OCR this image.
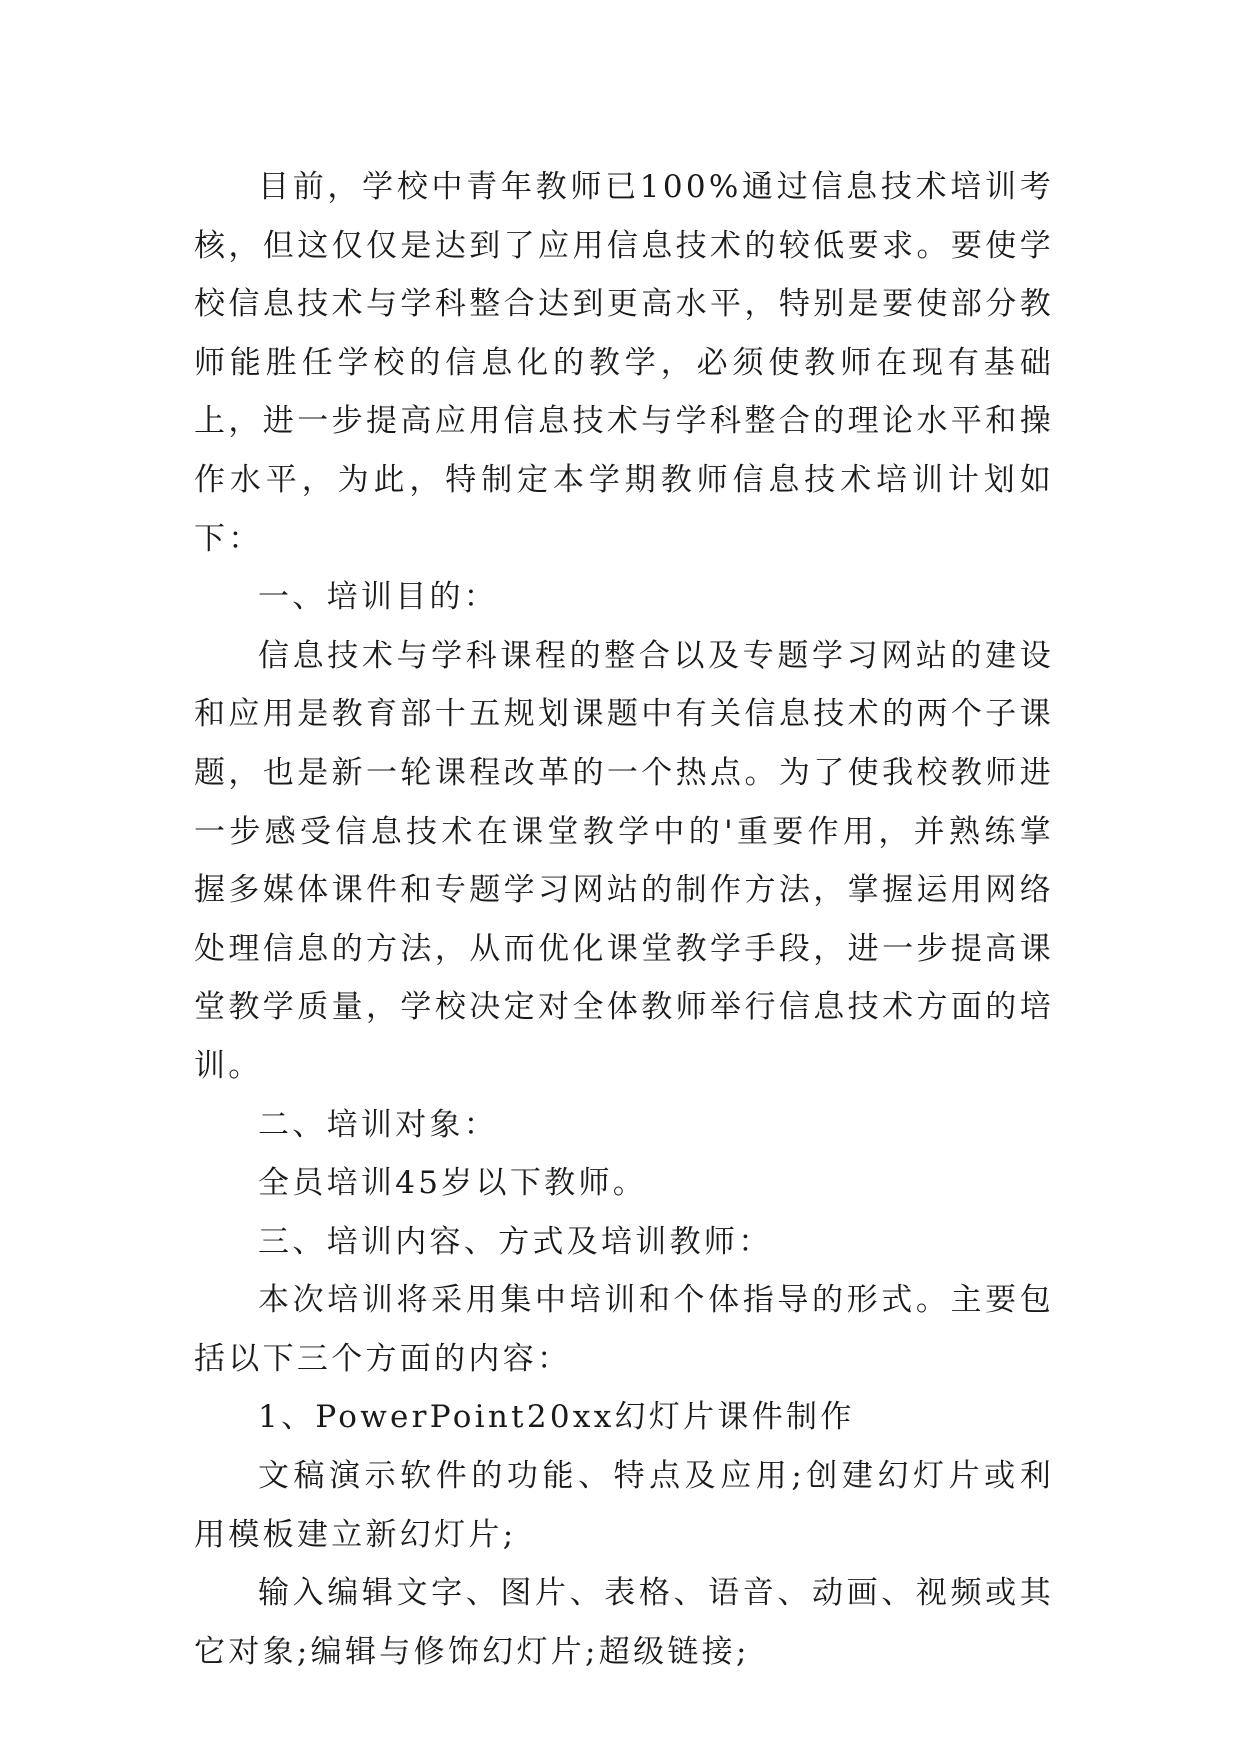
目前，学校中青年教师已100%通过信息技术培训考核，但这仅仅是达到了应用信息技术的较低要求。要使学校信息技术与学科整合达到更高水平，特别是要使部分教师能胜任学校的信息化的教学，必须使教师在现有基础上，进一步提高应用信息技术与学科整合的理论水平和操作水平，为此，特制定本学期教师信息技术培训计划如下：

一、培训目的：

信息技术与学科课程的整合以及专题学习网站的建设和应用是教育部十五规划课题中有关信息技术的两个子课题，也是新一轮课程改革的一个热点。为了使我校教师进一步感受信息技术在课堂教学中的'重要作用，并熟练掌握多媒体课件和专题学习网站的制作方法，掌握运用网络处理信息的方法，从而优化课堂教学手段，进一步提高课堂教学质量，学校决定对全体教师举行信息技术方面的培训。

二、培训对象：

全员培训45岁以下教师。

三、培训内容、方式及培训教师：

本次培训将采用集中培训和个体指导的形式。主要包括以下三个方面的内容：

1、PowerPoint20xx幻灯片课件制作

文稿演示软件的功能、特点及应用;创建幻灯片或利用模板建立新幻灯片;

输入编辑文字、图片、表格、语音、动画、视频或其它对象;编辑与修饰幻灯片;超级链接;
